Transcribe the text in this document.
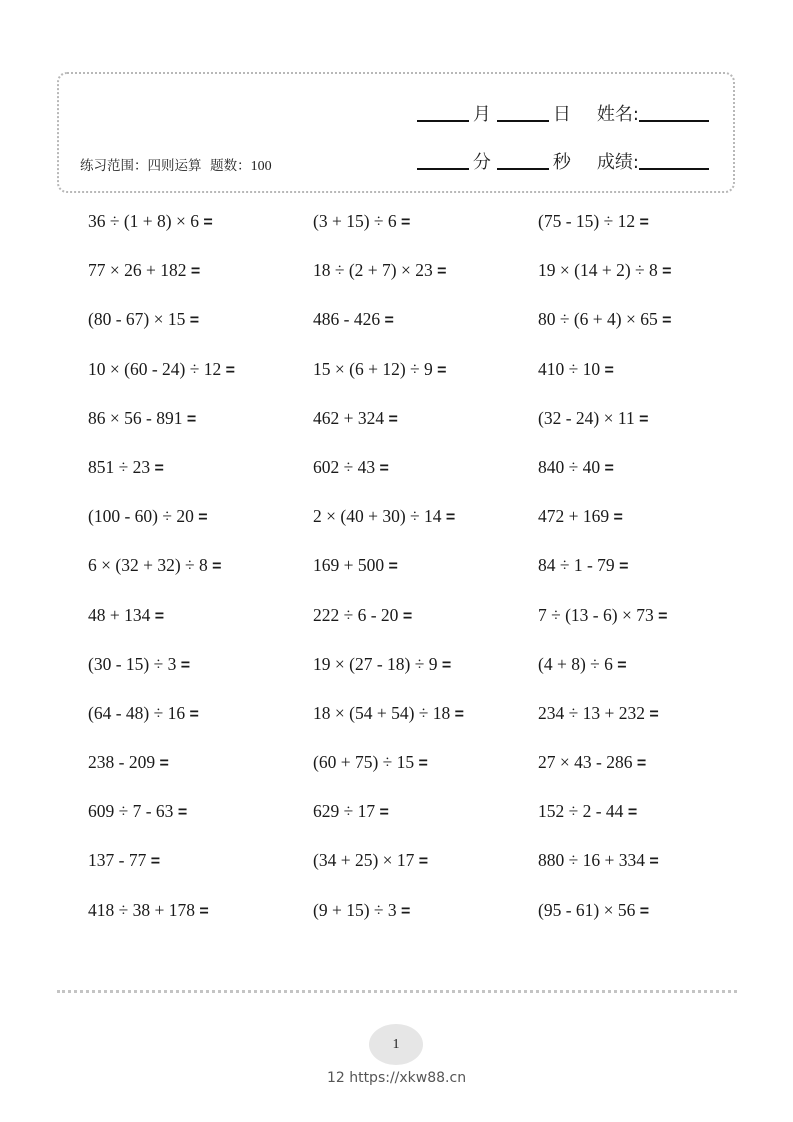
月	日 姓名:
练习范围：四则运算 题数：100	分	秒 成绩:
36 ÷ (1 + 8) × 6 =	(3 + 15) ÷ 6 =	(75 - 15) ÷ 12 =
77 × 26 + 182 =	18 ÷ (2 + 7) × 23 =	19 × (14 + 2) ÷ 8 =
(80 - 67) × 15 =	486 - 426 =	80 ÷ (6 + 4) × 65 =
10 × (60 - 24) ÷ 12 =	15 × (6 + 12) ÷ 9 =	410 ÷ 10 =
86 × 56 - 891 =	462 + 324 =	(32 - 24) × 11 =
851 ÷ 23 =	602 ÷ 43 =	840 ÷ 40 =
(100 - 60) ÷ 20 =	2 × (40 + 30) ÷ 14 =	472 + 169 =
6 × (32 + 32) ÷ 8 =	169 + 500 =	84 ÷ 1 - 79 =
48 + 134 =	222 ÷ 6 - 20 =	7 ÷ (13 - 6) × 73 =
(30 - 15) ÷ 3 =	19 × (27 - 18) ÷ 9 =	(4 + 8) ÷ 6 =
(64 - 48) ÷ 16 =	18 × (54 + 54) ÷ 18 =	234 ÷ 13 + 232 =
238 - 209 =	(60 + 75) ÷ 15 =	27 × 43 - 286 =
609 ÷ 7 - 63 =	629 ÷ 17 =	152 ÷ 2 - 44 =
137 - 77 =	(34 + 25) × 17 =	880 ÷ 16 + 334 =
418 ÷ 38 + 178 =	(9 + 15) ÷ 3 =	(95 - 61) × 56 =
1
12 https://xkw88.cn
